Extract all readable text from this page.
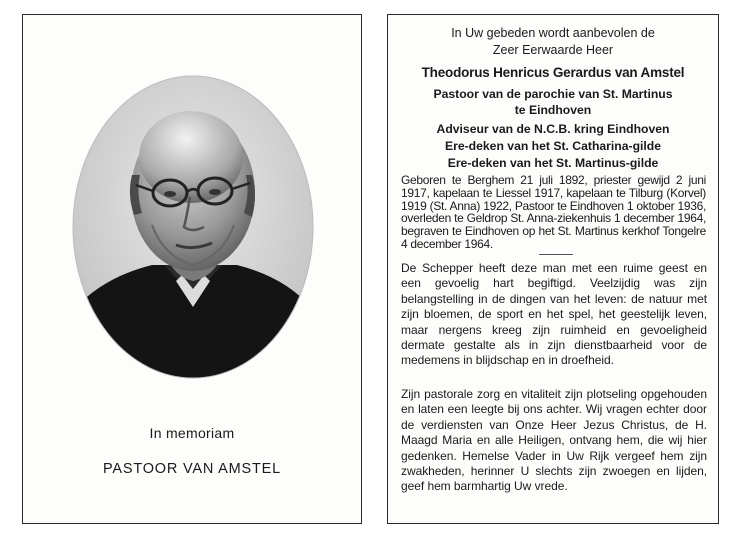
In memoriam
PASTOOR VAN AMSTEL
In Uw gebeden wordt aanbevolen de
Zeer Eerwaarde Heer
Theodorus Henricus Gerardus van Amstel
Pastoor van de parochie van St. Martinus
te Eindhoven
Adviseur van de N.C.B. kring Eindhoven
Ere-deken van het St. Catharina-gilde
Ere-deken van het St. Martinus-gilde
Geboren te Berghem 21 juli 1892, priester gewijd 2 juni 1917, kapelaan te Liessel 1917, kapelaan te Tilburg (Korvel) 1919 (St. Anna) 1922, Pastoor te Eindhoven 1 oktober 1936, overleden te Geldrop St. Anna-ziekenhuis 1 december 1964, begraven te Eindhoven op het St. Martinus kerkhof Tongelre 4 december 1964.
De Schepper heeft deze man met een ruime geest en een gevoelig hart begiftigd. Veelzijdig was zijn belangstelling in de dingen van het leven: de natuur met zijn bloemen, de sport en het spel, het geestelijk leven, maar nergens kreeg zijn ruimheid en gevoeligheid dermate gestalte als in zijn dienstbaarheid voor de medemens in blijdschap en in droefheid.
Zijn pastorale zorg en vitaliteit zijn plotseling opgehouden en laten een leegte bij ons achter. Wij vragen echter door de verdiensten van Onze Heer Jezus Christus, de H. Maagd Maria en alle Heiligen, ontvang hem, die wij hier gedenken. Hemelse Vader in Uw Rijk vergeef hem zijn zwakheden, herinner U slechts zijn zwoegen en lijden, geef hem barmhartig Uw vrede.
